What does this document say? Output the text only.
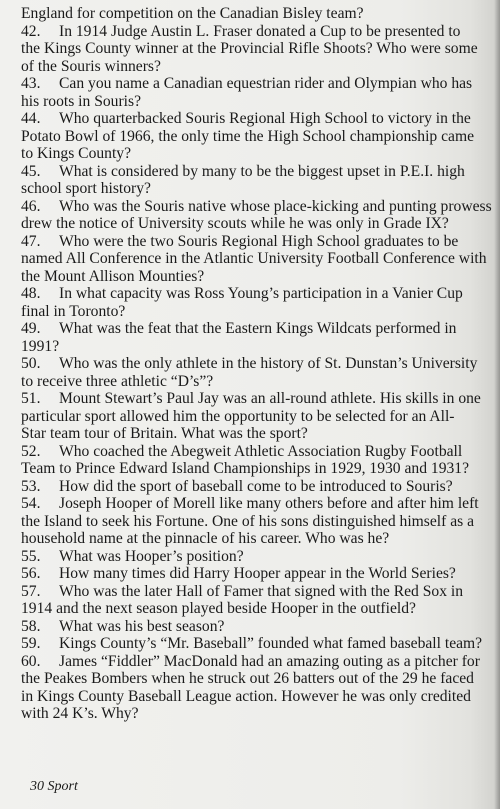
England for competition on the Canadian Bisley team?
42. In 1914 Judge Austin L. Fraser donated a Cup to be presented to
the Kings County winner at the Provincial Rifle Shoots? Who were some
of the Souris winners?
43. Can you name a Canadian equestrian rider and Olympian who has
his roots in Souris?
44. Who quarterbacked Souris Regional High School to victory in the
Potato Bowl of 1966, the only time the High School championship came
to Kings County?
45. What is considered by many to be the biggest upset in P.E.I. high
school sport history?
46. Who was the Souris native whose place-kicking and punting prowess
drew the notice of University scouts while he was only in Grade IX?
47. Who were the two Souris Regional High School graduates to be
named All Conference in the Atlantic University Football Conference with
the Mount Allison Mounties?
48. In what capacity was Ross Young’s participation in a Vanier Cup
final in Toronto?
49. What was the feat that the Eastern Kings Wildcats performed in
1991?
50. Who was the only athlete in the history of St. Dunstan’s University
to receive three athletic “D’s”?
51. Mount Stewart’s Paul Jay was an all-round athlete. His skills in one
particular sport allowed him the opportunity to be selected for an All-
Star team tour of Britain. What was the sport?
52. Who coached the Abegweit Athletic Association Rugby Football
Team to Prince Edward Island Championships in 1929, 1930 and 1931?
53. How did the sport of baseball come to be introduced to Souris?
54. Joseph Hooper of Morell like many others before and after him left
the Island to seek his Fortune. One of his sons distinguished himself as a
household name at the pinnacle of his career. Who was he?
55. What was Hooper’s position?
56. How many times did Harry Hooper appear in the World Series?
57. Who was the later Hall of Famer that signed with the Red Sox in
1914 and the next season played beside Hooper in the outfield?
58. What was his best season?
59. Kings County’s “Mr. Baseball” founded what famed baseball team?
60. James “Fiddler” MacDonald had an amazing outing as a pitcher for
the Peakes Bombers when he struck out 26 batters out of the 29 he faced
in Kings County Baseball League action. However he was only credited
with 24 K’s. Why?
30 Sport
